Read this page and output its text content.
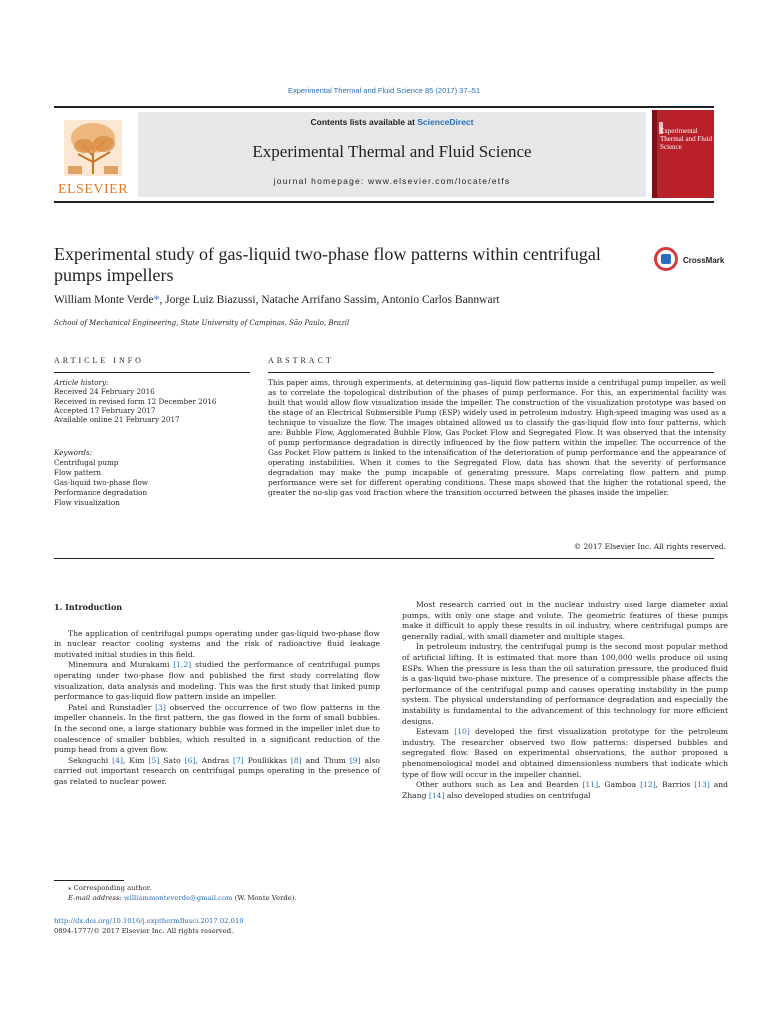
Experimental Thermal and Fluid Science 85 (2017) 37–51
ELSEVIER
Contents lists available at ScienceDirect
Experimental Thermal and Fluid Science
journal homepage: www.elsevier.com/locate/etfs
Experimental Thermal and Fluid Science
Experimental study of gas-liquid two-phase flow patterns within centrifugal pumps impellers
CrossMark
William Monte Verde*, Jorge Luiz Biazussi, Natache Arrifano Sassim, Antonio Carlos Bannwart
School of Mechanical Engineering, State University of Campinas, São Paulo, Brazil
ARTICLE INFO	ABSTRACT
Article history:
Received 24 February 2016
Received in revised form 12 December 2016
Accepted 17 February 2017
Available online 21 February 2017
Keywords:
Centrifugal pump
Flow pattern
Gas-liquid two-phase flow
Performance degradation
Flow visualization
This paper aims, through experiments, at determining gas–liquid flow patterns inside a centrifugal pump impeller, as well as to correlate the topological distribution of the phases of pump performance. For this, an experimental facility was built that would allow flow visualization inside the impeller. The construction of the visualization prototype was based on the stage of an Electrical Submersible Pump (ESP) widely used in petroleum industry. High-speed imaging was used as a technique to visualize the flow. The images obtained allowed us to classify the gas-liquid flow into four patterns, which are: Bubble Flow, Agglomerated Bubble Flow, Gas Pocket Flow and Segregated Flow. It was observed that the intensity of pump performance degradation is directly influenced by the flow pattern within the impeller. The occurrence of the Gas Pocket Flow pattern is linked to the intensification of the deterioration of pump performance and the appearance of operating instabilities. When it comes to the Segregated Flow, data has shown that the severity of performance degradation may make the pump incapable of generating pressure. Maps correlating flow pattern and pump performance were set for different operating conditions. These maps showed that the higher the rotational speed, the greater the no-slip gas void fraction where the transition occurred between the phases inside the impeller.
© 2017 Elsevier Inc. All rights reserved.
1. Introduction

The application of centrifugal pumps operating under gas-liquid two-phase flow in nuclear reactor cooling systems and the risk of radioactive fluid leakage motivated initial studies in this field.

Minemura and Murakami [1,2] studied the performance of centrifugal pumps operating under two-phase flow and published the first study correlating flow visualization, data analysis and modeling. This was the first study that linked pump performance to gas-liquid flow pattern inside an impeller.

Patel and Runstadler [3] observed the occurrence of two flow patterns in the impeller channels. In the first pattern, the gas flowed in the form of small bubbles. In the second one, a large stationary bubble was formed in the impeller inlet due to coalescence of smaller bubbles, which resulted in a significant reduction of the pump head from a given flow.

Sekoguchi [4], Kim [5] Sato [6], Andras [7] Poullikkas [8] and Thum [9] also carried out important research on centrifugal pumps operating in the presence of gas related to nuclear power.

Most research carried out in the nuclear industry used large diameter axial pumps, with only one stage and volute. The geometric features of these pumps make it difficult to apply these results in oil industry, where centrifugal pumps are generally radial, with small diameter and multiple stages.

In petroleum industry, the centrifugal pump is the second most popular method of artificial lifting. It is estimated that more than 100,000 wells produce oil using ESPs. When the pressure is less than the oil saturation pressure, the produced fluid is a gas-liquid two-phase mixture. The presence of a compressible phase affects the performance of the centrifugal pump and causes operating instability in the pump system. The physical understanding of performance degradation and especially the instability is fundamental to the advancement of this technology for more efficient designs.

Estevam [10] developed the first visualization prototype for the petroleum industry. The researcher observed two flow patterns: dispersed bubbles and segregated flow. Based on experimental observations, the author proposed a phenomenological model and obtained dimensionless numbers that indicate which type of flow will occur in the impeller channel.

Other authors such as Lea and Bearden [11], Gamboa [12], Barrios [13] and Zhang [14] also developed studies on centrifugal

⁎ Corresponding author.
E-mail address: williammonteverde@gmail.com (W. Monte Verde).
http://dx.doi.org/10.1016/j.expthermflusci.2017.02.019
0894-1777/© 2017 Elsevier Inc. All rights reserved.
